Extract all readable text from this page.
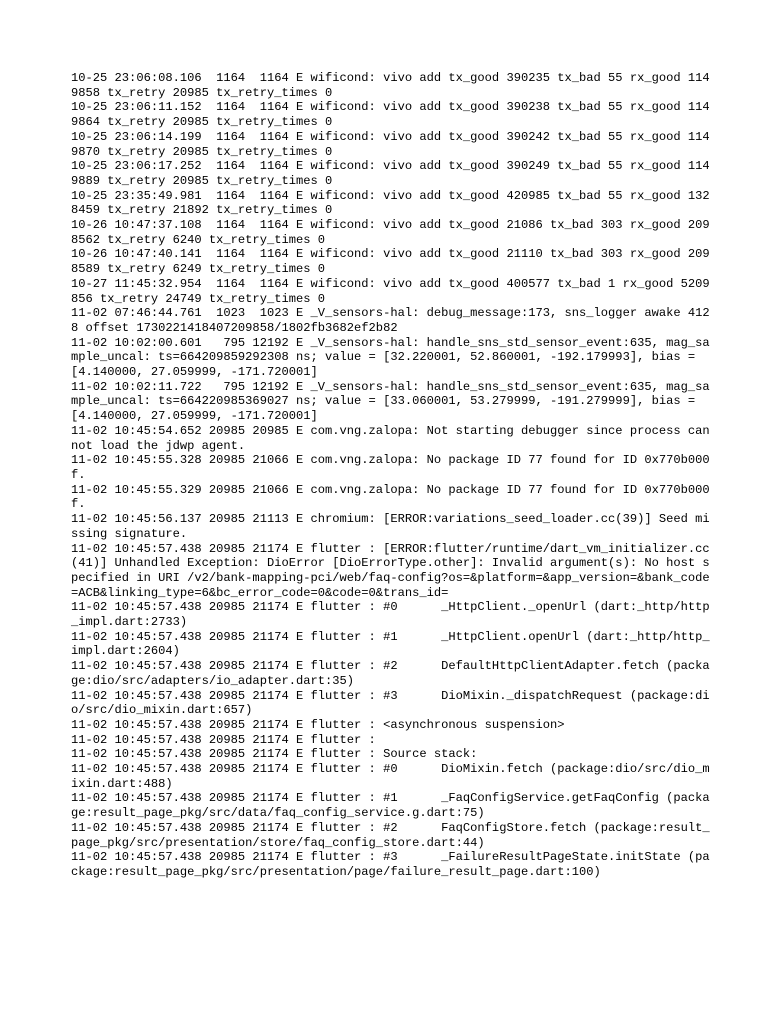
10-25 23:06:08.106  1164  1164 E wificond: vivo add tx_good 390235 tx_bad 55 rx_good 1149858 tx_retry 20985 tx_retry_times 0

10-25 23:06:11.152  1164  1164 E wificond: vivo add tx_good 390238 tx_bad 55 rx_good 1149864 tx_retry 20985 tx_retry_times 0

10-25 23:06:14.199  1164  1164 E wificond: vivo add tx_good 390242 tx_bad 55 rx_good 1149870 tx_retry 20985 tx_retry_times 0

10-25 23:06:17.252  1164  1164 E wificond: vivo add tx_good 390249 tx_bad 55 rx_good 1149889 tx_retry 20985 tx_retry_times 0

10-25 23:35:49.981  1164  1164 E wificond: vivo add tx_good 420985 tx_bad 55 rx_good 1328459 tx_retry 21892 tx_retry_times 0

10-26 10:47:37.108  1164  1164 E wificond: vivo add tx_good 21086 tx_bad 303 rx_good 2098562 tx_retry 6240 tx_retry_times 0

10-26 10:47:40.141  1164  1164 E wificond: vivo add tx_good 21110 tx_bad 303 rx_good 2098589 tx_retry 6249 tx_retry_times 0

10-27 11:45:32.954  1164  1164 E wificond: vivo add tx_good 400577 tx_bad 1 rx_good 5209856 tx_retry 24749 tx_retry_times 0

11-02 07:46:44.761  1023  1023 E _V_sensors-hal: debug_message:173, sns_logger awake 4128 offset 1730221418407209858/1802fb3682ef2b82

11-02 10:02:00.601   795 12192 E _V_sensors-hal: handle_sns_std_sensor_event:635, mag_sample_uncal: ts=664209859292308 ns; value = [32.220001, 52.860001, -192.179993], bias = [4.140000, 27.059999, -171.720001]

11-02 10:02:11.722   795 12192 E _V_sensors-hal: handle_sns_std_sensor_event:635, mag_sample_uncal: ts=664220985369027 ns; value = [33.060001, 53.279999, -191.279999], bias = [4.140000, 27.059999, -171.720001]

11-02 10:45:54.652 20985 20985 E com.vng.zalopa: Not starting debugger since process cannot load the jdwp agent.

11-02 10:45:55.328 20985 21066 E com.vng.zalopa: No package ID 77 found for ID 0x770b000f.

11-02 10:45:55.329 20985 21066 E com.vng.zalopa: No package ID 77 found for ID 0x770b000f.

11-02 10:45:56.137 20985 21113 E chromium: [ERROR:variations_seed_loader.cc(39)] Seed missing signature.

11-02 10:45:57.438 20985 21174 E flutter : [ERROR:flutter/runtime/dart_vm_initializer.cc(41)] Unhandled Exception: DioError [DioErrorType.other]: Invalid argument(s): No host specified in URI /v2/bank-mapping-pci/web/faq-config?os=&platform=&app_version=&bank_code=ACB&linking_type=6&bc_error_code=0&code=0&trans_id=

11-02 10:45:57.438 20985 21174 E flutter : #0      _HttpClient._openUrl (dart:_http/http_impl.dart:2733)

11-02 10:45:57.438 20985 21174 E flutter : #1      _HttpClient.openUrl (dart:_http/http_impl.dart:2604)

11-02 10:45:57.438 20985 21174 E flutter : #2      DefaultHttpClientAdapter.fetch (package:dio/src/adapters/io_adapter.dart:35)

11-02 10:45:57.438 20985 21174 E flutter : #3      DioMixin._dispatchRequest (package:dio/src/dio_mixin.dart:657)

11-02 10:45:57.438 20985 21174 E flutter : <asynchronous suspension>

11-02 10:45:57.438 20985 21174 E flutter :

11-02 10:45:57.438 20985 21174 E flutter : Source stack:

11-02 10:45:57.438 20985 21174 E flutter : #0      DioMixin.fetch (package:dio/src/dio_mixin.dart:488)

11-02 10:45:57.438 20985 21174 E flutter : #1      _FaqConfigService.getFaqConfig (package:result_page_pkg/src/data/faq_config_service.g.dart:75)

11-02 10:45:57.438 20985 21174 E flutter : #2      FaqConfigStore.fetch (package:result_page_pkg/src/presentation/store/faq_config_store.dart:44)

11-02 10:45:57.438 20985 21174 E flutter : #3      _FailureResultPageState.initState (package:result_page_pkg/src/presentation/page/failure_result_page.dart:100)
